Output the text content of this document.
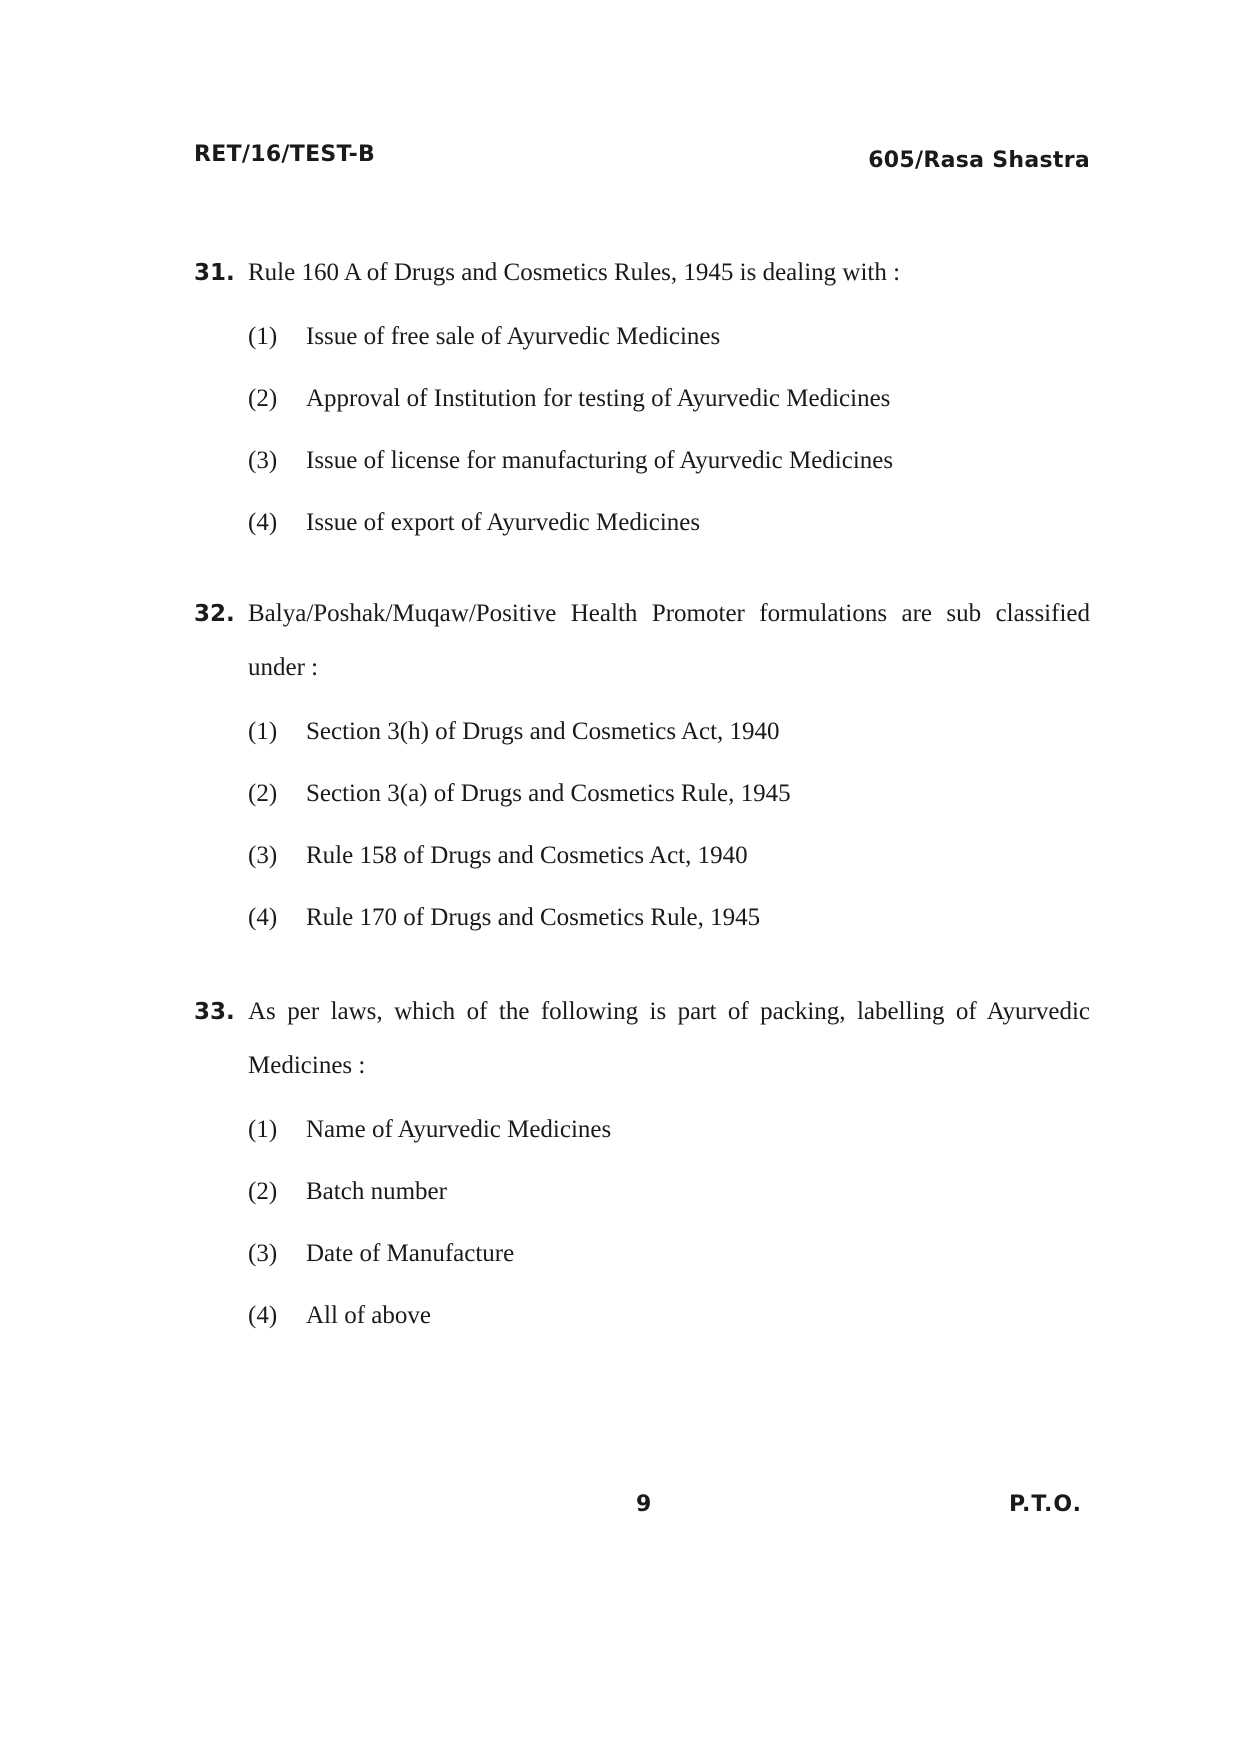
RET/16/TEST-B	605/Rasa Shastra
31. Rule 160 A of Drugs and Cosmetics Rules, 1945 is dealing with :
(1)	Issue of free sale of Ayurvedic Medicines
(2)	Approval of Institution for testing of Ayurvedic Medicines
(3)	Issue of license for manufacturing of Ayurvedic Medicines
(4)	Issue of export of Ayurvedic Medicines
32. Balya/Poshak/Muqaw/Positive Health Promoter formulations are sub classified under :
(1)	Section 3(h) of Drugs and Cosmetics Act, 1940
(2)	Section 3(a) of Drugs and Cosmetics Rule, 1945
(3)	Rule 158 of Drugs and Cosmetics Act, 1940
(4)	Rule 170 of Drugs and Cosmetics Rule, 1945
33. As per laws, which of the following is part of packing, labelling of Ayurvedic Medicines :
(1)	Name of Ayurvedic Medicines
(2)	Batch number
(3)	Date of Manufacture
(4)	All of above
9	P.T.O.
